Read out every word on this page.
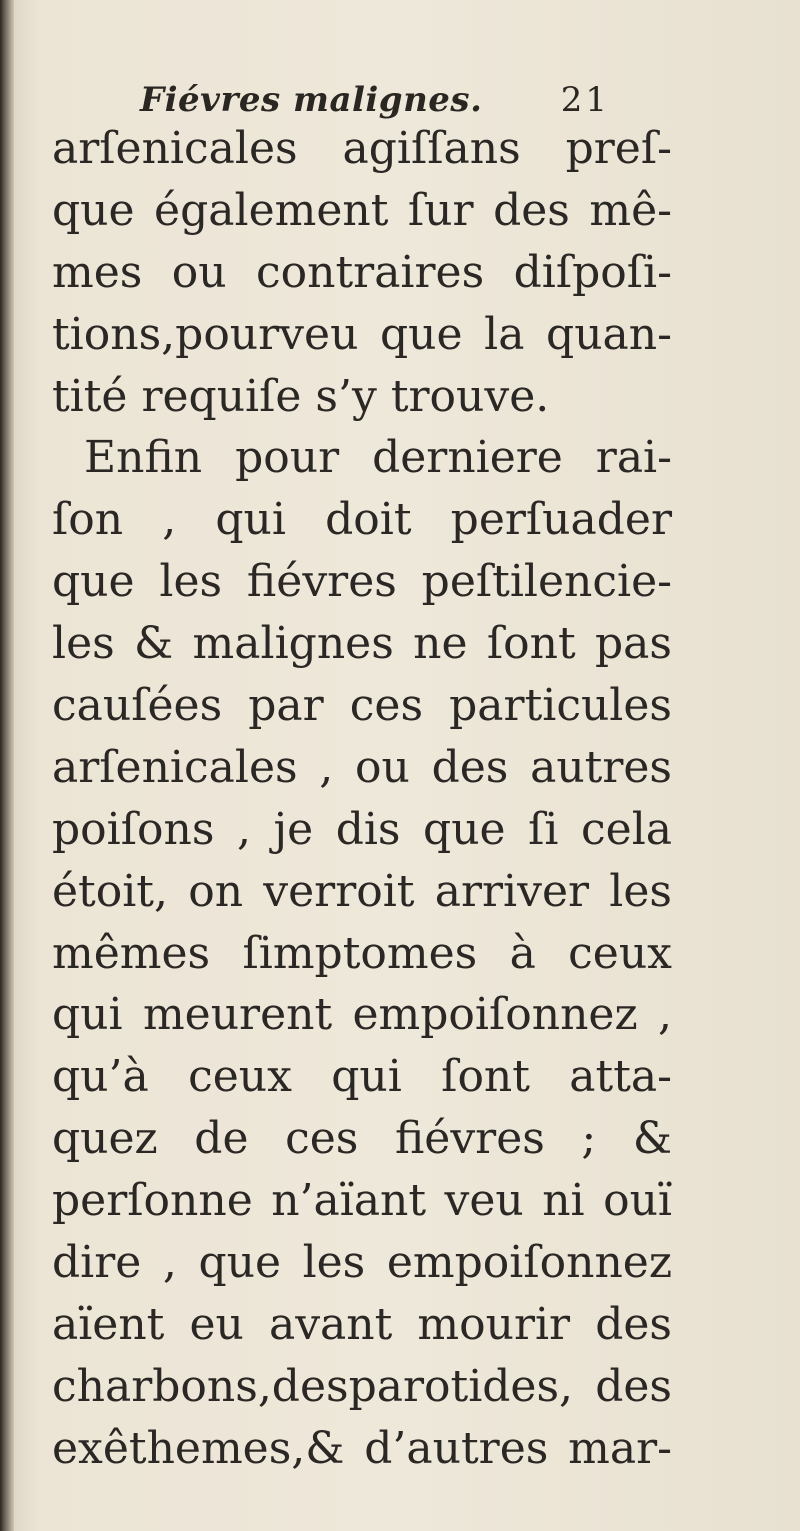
Fiévres malignes. 21
arſenicales agiſſans preſ-
que également ſur des mê-
mes ou contraires diſpoſi-
tions,pourveu que la quan-
tité requiſe s’y trouve.
Enfin pour derniere rai-
ſon , qui doit perſuader
que les fiévres peſtilencie-
les & malignes ne ſont pas
cauſées par ces particules
arſenicales , ou des autres
poiſons , je dis que ſi cela
étoit, on verroit arriver les
mêmes ſimptomes à ceux
qui meurent empoiſonnez ,
qu’à ceux qui ſont atta-
quez de ces fiévres ; &
perſonne n’aïant veu ni ouï
dire , que les empoiſonnez
aïent eu avant mourir des
charbons,desparotides, des
exêthemes,& d’autres mar-
